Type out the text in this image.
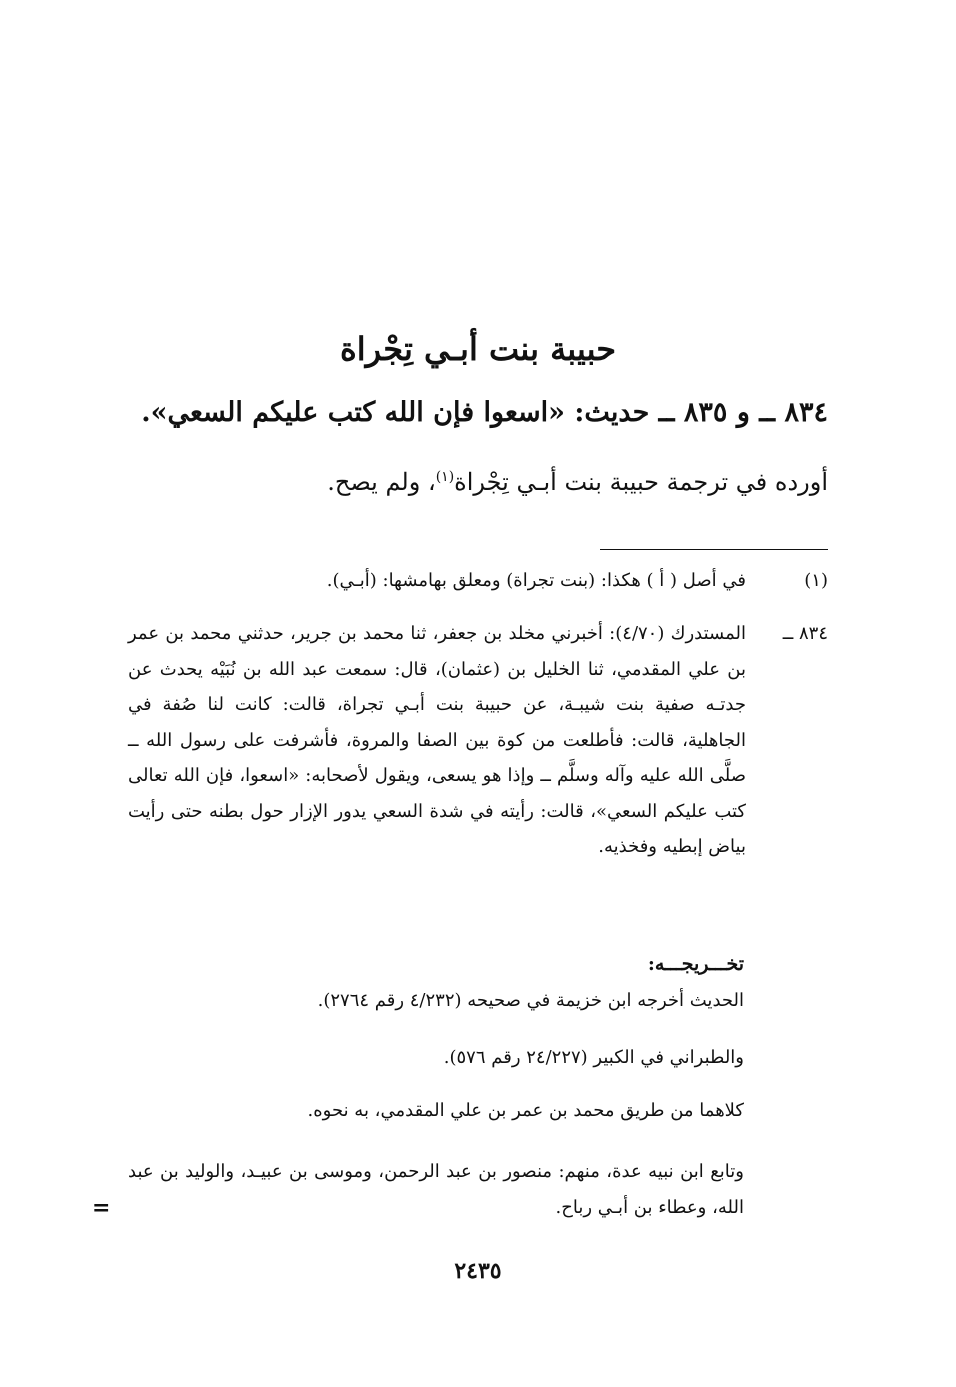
حبيبة بنت أبـي تِجْراة
٨٣٤ ــ و ٨٣٥ ــ حديث: «اسعوا فإن الله كتب عليكم السعي».
أورده في ترجمة حبيبة بنت أبـي تِجْراة$^{(١)}$، ولم يصح.
(١)
في أصل ( أ ) هكذا: (بنت تجراة) ومعلق بهامشها: (أبـي).
٨٣٤ ــ
المستدرك (٤/٧٠): أخبرني مخلد بن جعفر، ثنا محمد بن جرير، حدثني محمد بن عمر بن علي المقدمي، ثنا الخليل بن (عثمان)، قال: سمعت عبد الله بن نُبَيْه يحدث عن جدتـه صفية بنت شيبـة، عن حبيبة بنت أبـي تجراة، قالت: كانت لنا صُفة في الجاهلية، قالت: فأطلعت من كوة بين الصفا والمروة، فأشرفت على رسول الله ــ صلَّى الله عليه وآله وسلَّم ــ وإذا هو يسعى، ويقول لأصحابه: «اسعوا، فإن الله تعالى كتب عليكم السعي»، قالت: رأيته في شدة السعي يدور الإزار حول بطنه حتى رأيت بياض إبطيه وفخذيه.
تخـــريجـــه:
الحديث أخرجه ابن خزيمة في صحيحه (٤/٢٣٢ رقم ٢٧٦٤).
والطبراني في الكبير (٢٤/٢٢٧ رقم ٥٧٦).
كلاهما من طريق محمد بن عمر بن علي المقدمي، به نحوه.
وتابع ابن نبيه عدة، منهم: منصور بن عبد الرحمن، وموسى بن عبيـد، والوليد بن عبد الله، وعطاء بن أبـي رباح.
=
٢٤٣٥
